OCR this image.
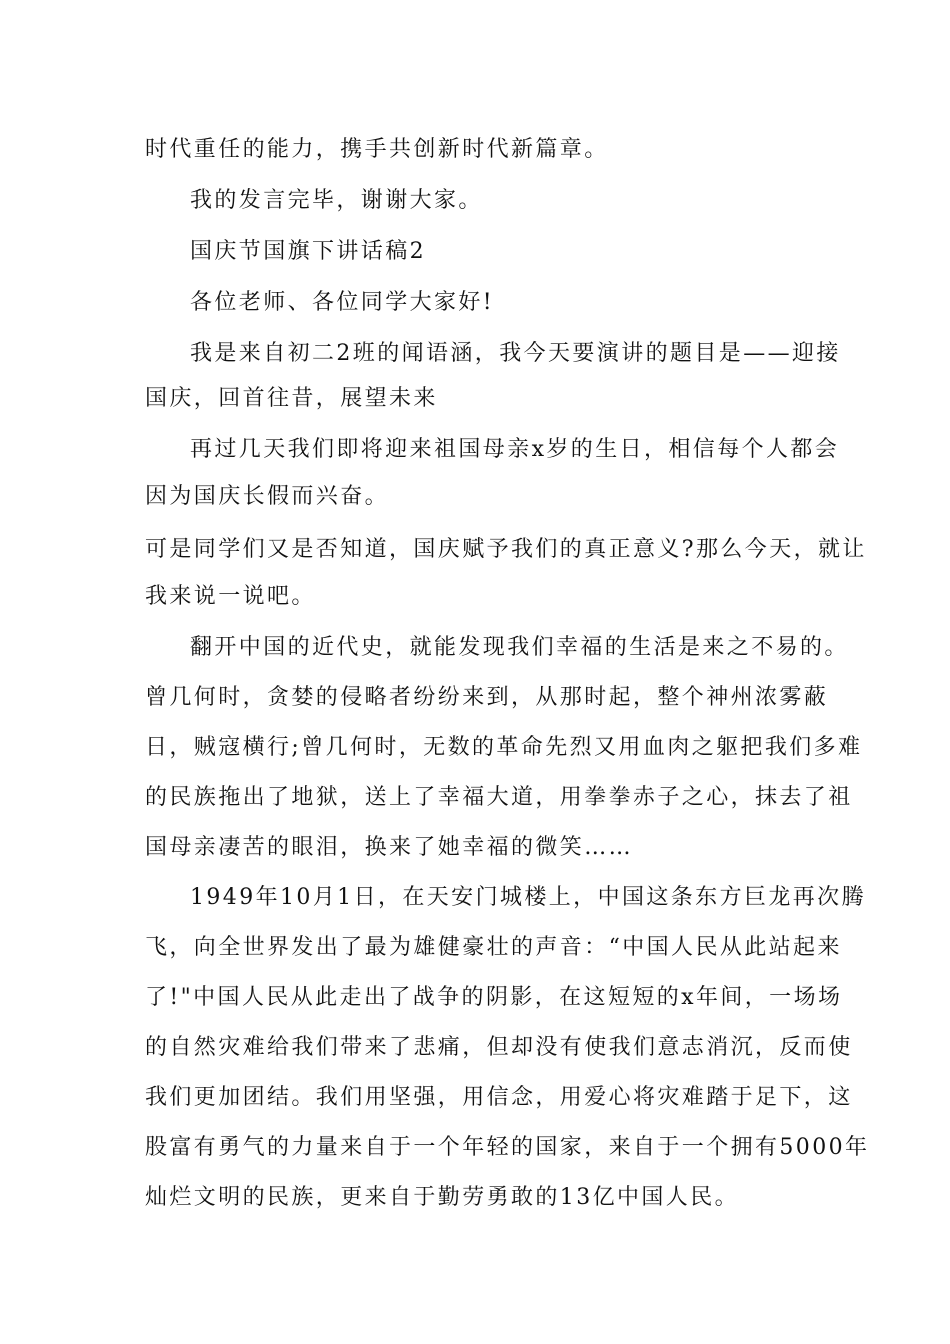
时代重任的能力，携手共创新时代新篇章。

我的发言完毕，谢谢大家。

国庆节国旗下讲话稿2

各位老师、各位同学大家好!

我是来自初二2班的闻语涵，我今天要演讲的题目是——迎接

国庆，回首往昔，展望未来

再过几天我们即将迎来祖国母亲x岁的生日，相信每个人都会

因为国庆长假而兴奋。

可是同学们又是否知道，国庆赋予我们的真正意义?那么今天，就让

我来说一说吧。

翻开中国的近代史，就能发现我们幸福的生活是来之不易的。

曾几何时，贪婪的侵略者纷纷来到，从那时起，整个神州浓雾蔽

日，贼寇横行;曾几何时，无数的革命先烈又用血肉之躯把我们多难

的民族拖出了地狱，送上了幸福大道，用拳拳赤子之心，抹去了祖

国母亲凄苦的眼泪，换来了她幸福的微笑……

1949年10月1日，在天安门城楼上，中国这条东方巨龙再次腾

飞，向全世界发出了最为雄健豪壮的声音：“中国人民从此站起来

了!"中国人民从此走出了战争的阴影，在这短短的x年间，一场场

的自然灾难给我们带来了悲痛，但却没有使我们意志消沉，反而使

我们更加团结。我们用坚强，用信念，用爱心将灾难踏于足下，这

股富有勇气的力量来自于一个年轻的国家，来自于一个拥有5000年

灿烂文明的民族，更来自于勤劳勇敢的13亿中国人民。
